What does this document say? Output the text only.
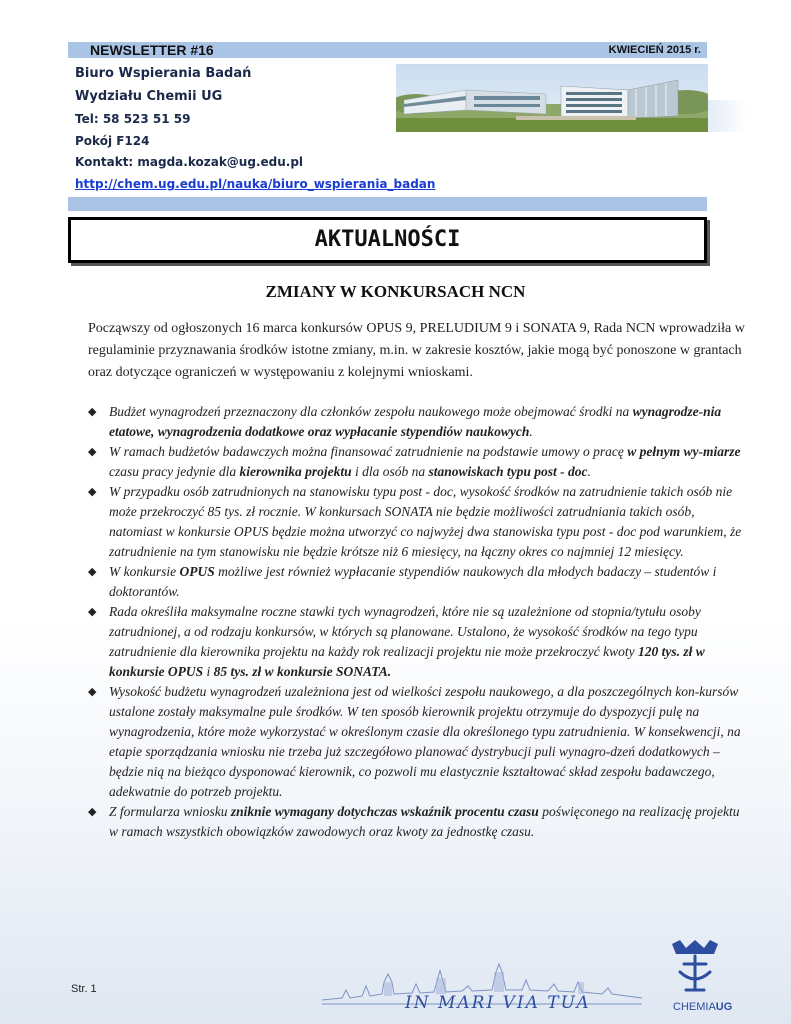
NEWSLETTER #16	KWIECIEŃ 2015 r.
Biuro Wspierania Badań
Wydziału Chemii UG
Tel: 58 523 51 59
Pokój F124
Kontakt: magda.kozak@ug.edu.pl
http://chem.ug.edu.pl/nauka/biuro_wspierania_badan
AKTUALNOŚCI
ZMIANY W KONKURSACH NCN
Począwszy od ogłoszonych 16 marca konkursów OPUS 9, PRELUDIUM 9 i SONATA 9, Rada NCN wprowadziła w regulaminie przyznawania środków istotne zmiany, m.in. w zakresie kosztów, jakie mogą być ponoszone w grantach oraz dotyczące ograniczeń w występowaniu z kolejnymi wnioskami.
◆ Budżet wynagrodzeń przeznaczony dla członków zespołu naukowego może obejmować środki na wynagrodze-nia etatowe, wynagrodzenia dodatkowe oraz wypłacanie stypendiów naukowych.
◆ W ramach budżetów badawczych można finansować zatrudnienie na podstawie umowy o pracę w pełnym wy-miarze czasu pracy jedynie dla kierownika projektu i dla osób na stanowiskach typu post - doc.
◆ W przypadku osób zatrudnionych na stanowisku typu post - doc, wysokość środków na zatrudnienie takich osób nie może przekroczyć 85 tys. zł rocznie. W konkursach SONATA nie będzie możliwości zatrudniania takich osób, natomiast w konkursie OPUS będzie można utworzyć co najwyżej dwa stanowiska typu post - doc pod warunkiem, że zatrudnienie na tym stanowisku nie będzie krótsze niż 6 miesięcy, na łączny okres co najmniej 12 miesięcy.
◆ W konkursie OPUS możliwe jest również wypłacanie stypendiów naukowych dla młodych badaczy – studentów i doktorantów.
◆ Rada określiła maksymalne roczne stawki tych wynagrodzeń, które nie są uzależnione od stopnia/tytułu osoby zatrudnionej, a od rodzaju konkursów, w których są planowane. Ustalono, że wysokość środków na tego typu zatrudnienie dla kierownika projektu na każdy rok realizacji projektu nie może przekroczyć kwoty 120 tys. zł w konkursie OPUS i 85 tys. zł w konkursie SONATA.
◆ Wysokość budżetu wynagrodzeń uzależniona jest od wielkości zespołu naukowego, a dla poszczególnych kon-kursów ustalone zostały maksymalne pule środków. W ten sposób kierownik projektu otrzymuje do dyspozycji pulę na wynagrodzenia, które może wykorzystać w określonym czasie dla określonego typu zatrudnienia. W konsekwencji, na etapie sporządzania wniosku nie trzeba już szczegółowo planować dystrybucji puli wynagro-dzeń dodatkowych – będzie nią na bieżąco dysponować kierownik, co pozwoli mu elastycznie kształtować skład zespołu badawczego, adekwatnie do potrzeb projektu.
◆ Z formularza wniosku zniknie wymagany dotychczas wskaźnik procentu czasu poświęconego na realizację projektu w ramach wszystkich obowiązków zawodowych oraz kwoty za jednostkę czasu.
Str. 1
IN MARI VIA TUA	CHEMIAUG
